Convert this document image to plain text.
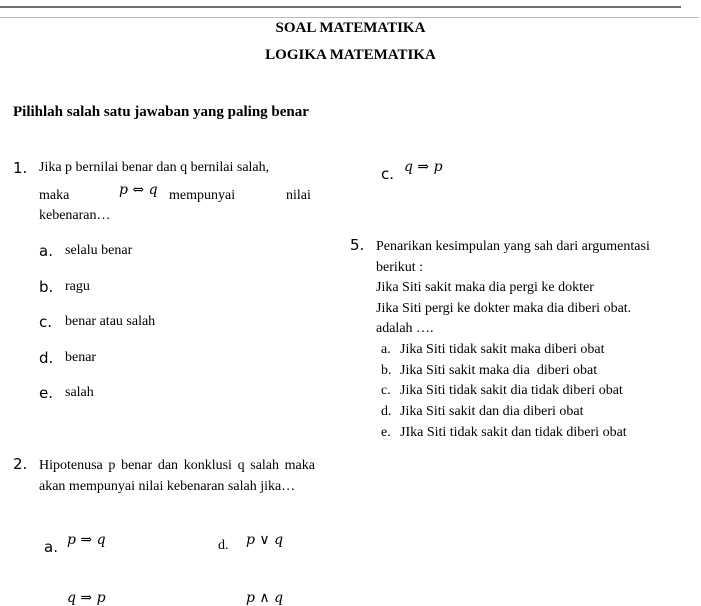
SOAL MATEMATIKA
LOGIKA MATEMATIKA
Pilihlah salah satu jawaban yang paling benar
1. Jika p bernilai benar dan q bernilai salah,
maka	p ⇔ q mempunyai	nilai
kebenaran…
a. selalu benar
b. ragu
c. benar atau salah
d. benar
e. salah
2. Hipotenusa p benar dan konklusi q salah maka akan mempunyai nilai kebenaran salah jika…
a. p ⇒ q	d. p ∨ q
q ⇒ p	p ∧ q
c. q ⇒ p
5. Penarikan kesimpulan yang sah dari argumentasi
berikut :
Jika Siti sakit maka dia pergi ke dokter
Jika Siti pergi ke dokter maka dia diberi obat.
adalah ….
a. Jika Siti tidak sakit maka diberi obat
b. Jika Siti sakit maka dia  diberi obat
c. Jika Siti tidak sakit dia tidak diberi obat
d. Jika Siti sakit dan dia diberi obat
e. JIka Siti tidak sakit dan tidak diberi obat
